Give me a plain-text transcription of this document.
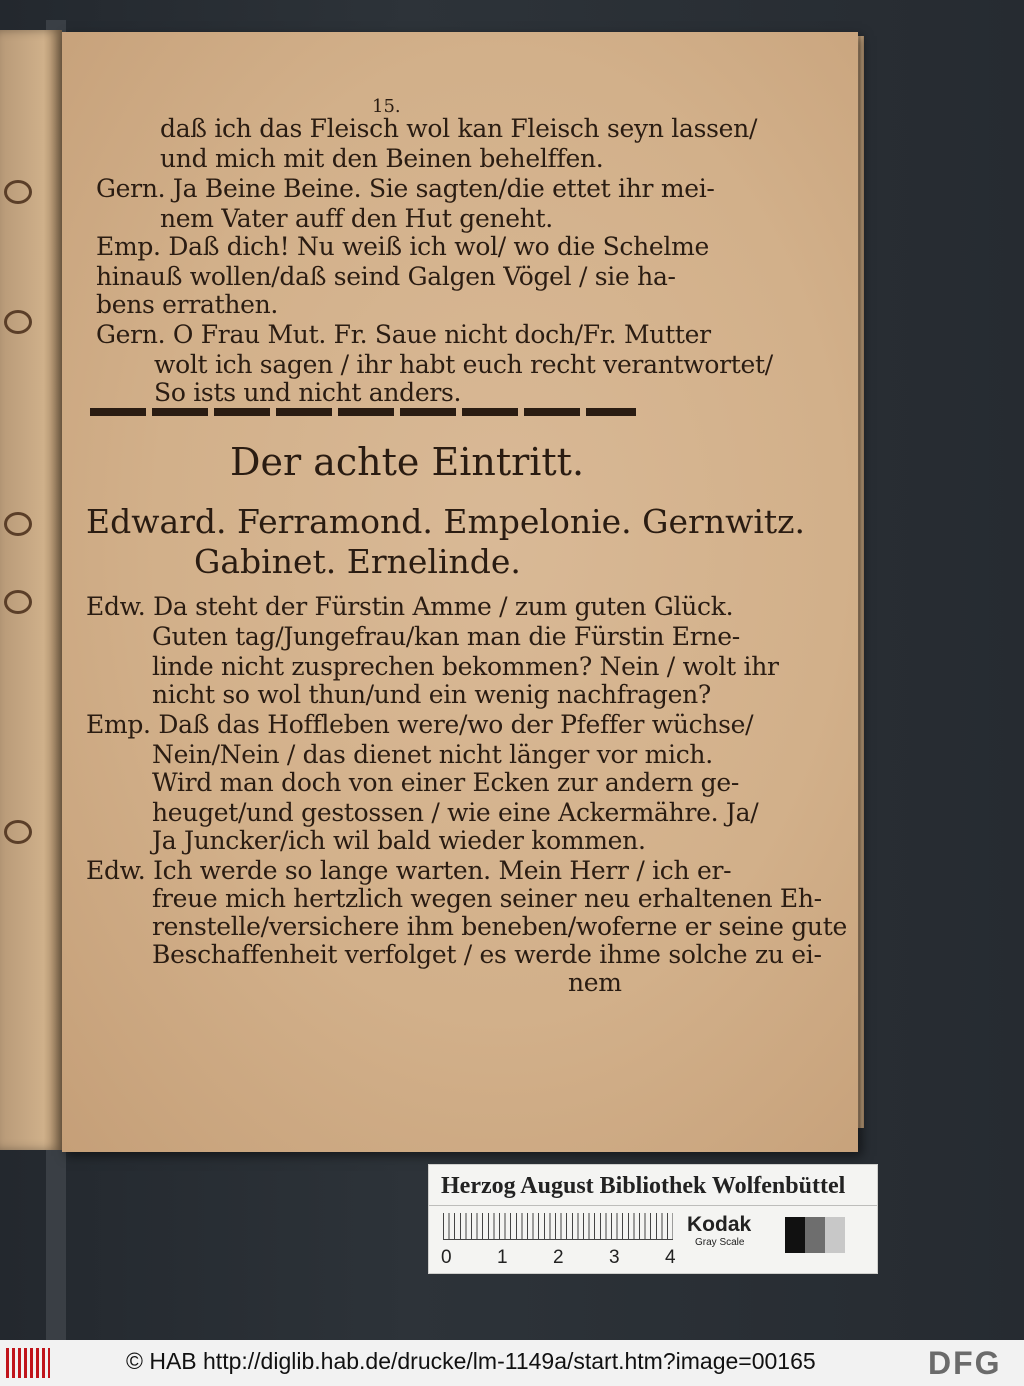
15.
daß ich das Fleisch wol kan Fleisch seyn lassen/
und mich mit den Beinen behelffen.
Gern. Ja Beine Beine. Sie sagten/die ettet ihr mei-
nem Vater auff den Hut geneht.
Emp. Daß dich! Nu weiß ich wol/ wo die Schelme
hinauß wollen/daß seind Galgen Vögel / sie ha-
bens errathen.
Gern. O Frau Mut. Fr. Saue nicht doch/Fr. Mutter
wolt ich sagen / ihr habt euch recht verantwortet/
So ists und nicht anders.
Der achte Eintritt.
Edward. Ferramond. Empelonie. Gernwitz.
Gabinet. Ernelinde.
Edw. Da steht der Fürstin Amme / zum guten Glück.
Guten tag/Jungefrau/kan man die Fürstin Erne-
linde nicht zusprechen bekommen? Nein / wolt ihr
nicht so wol thun/und ein wenig nachfragen?
Emp. Daß das Hoffleben were/wo der Pfeffer wüchse/
Nein/Nein / das dienet nicht länger vor mich.
Wird man doch von einer Ecken zur andern ge-
heuget/und gestossen / wie eine Ackermähre. Ja/
Ja Juncker/ich wil bald wieder kommen.
Edw. Ich werde so lange warten. Mein Herr / ich er-
freue mich hertzlich wegen seiner neu erhaltenen Eh-
renstelle/versichere ihm beneben/woferne er seine gute
Beschaffenheit verfolget / es werde ihme solche zu ei-
nem
Herzog August Bibliothek Wolfenbüttel
0 1 2 3 4
Kodak
Gray Scale
© HAB http://diglib.hab.de/drucke/lm-1149a/start.htm?image=00165	DFG
